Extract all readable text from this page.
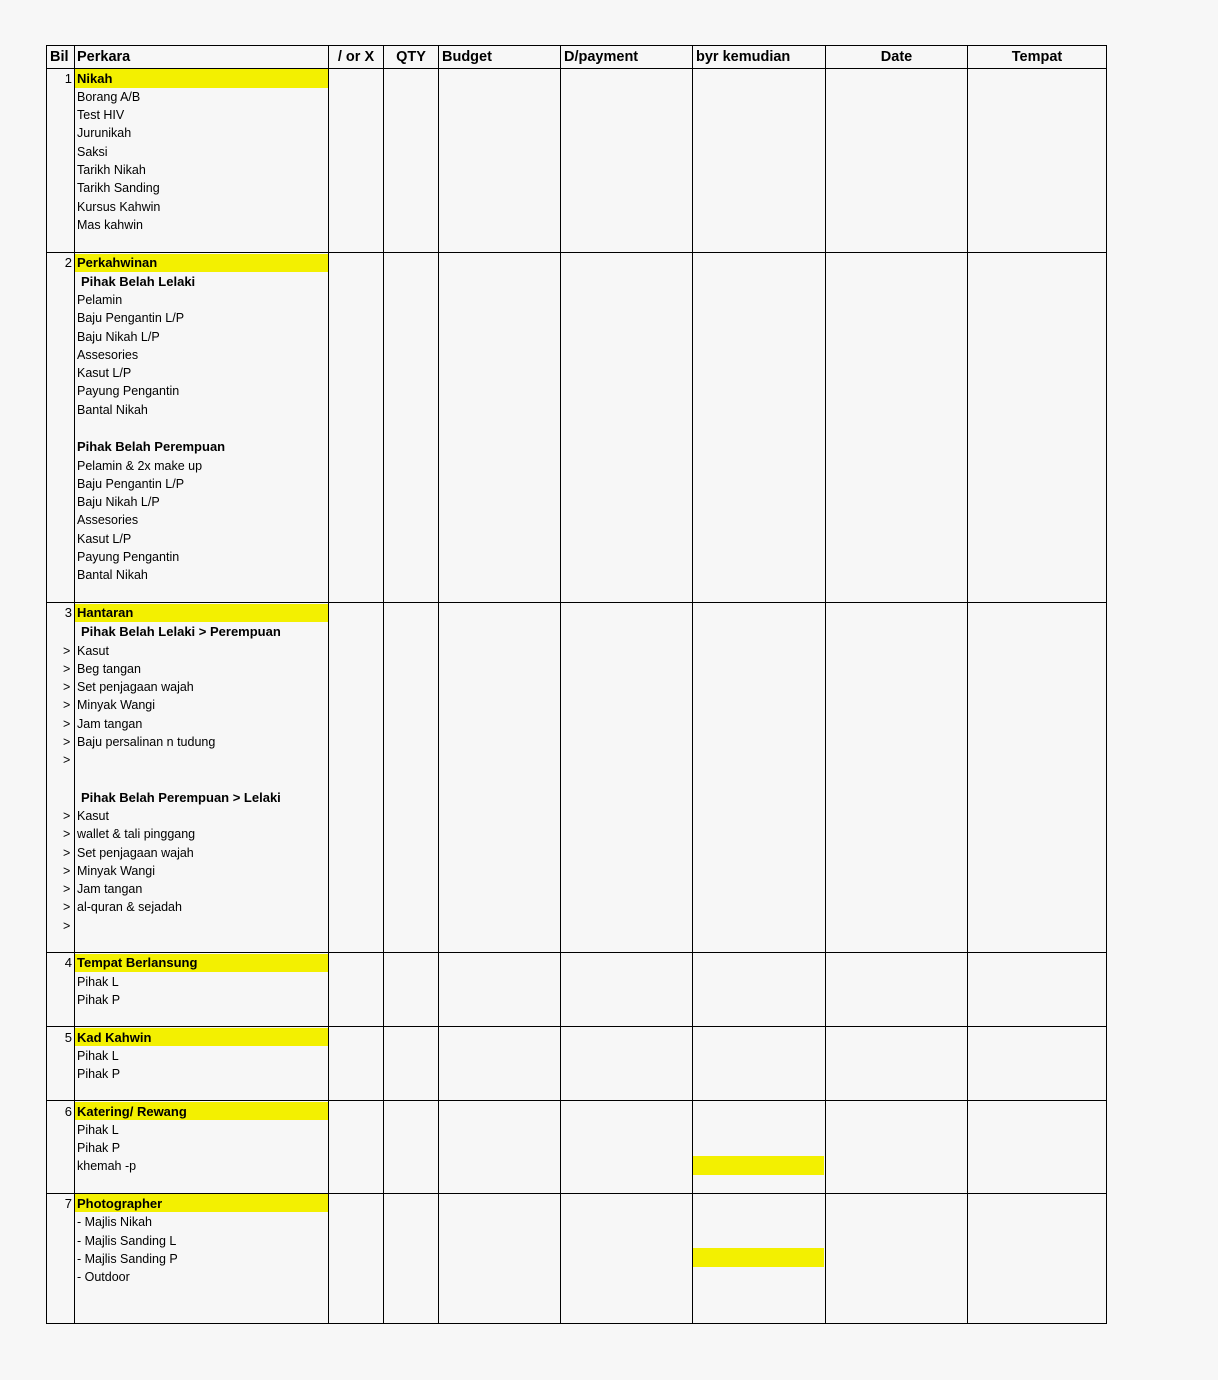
Bil Perkara	/ or X	QTY	Budget	D/payment	byr kemudian	Date	Tempat
1 Nikah
Borang A/B
Test HIV
Jurunikah
Saksi
Tarikh Nikah
Tarikh Sanding
Kursus Kahwin
Mas kahwin
2 Perkahwinan
Pihak Belah Lelaki
Pelamin
Baju Pengantin L/P
Baju Nikah L/P
Assesories
Kasut L/P
Payung Pengantin
Bantal Nikah
Pihak Belah Perempuan
Pelamin & 2x make up
Baju Pengantin L/P
Baju Nikah L/P
Assesories
Kasut L/P
Payung Pengantin
Bantal Nikah
3 Hantaran
Pihak Belah Lelaki > Perempuan
> Kasut
> Beg tangan
> Set penjagaan wajah
> Minyak Wangi
> Jam tangan
> Baju persalinan n tudung
>
Pihak Belah Perempuan > Lelaki
> Kasut
> wallet & tali pinggang
> Set penjagaan wajah
> Minyak Wangi
> Jam tangan
> al-quran & sejadah
>
4 Tempat Berlansung
Pihak L
Pihak P
5 Kad Kahwin
Pihak L
Pihak P
6 Katering/ Rewang
Pihak L
Pihak P
khemah -p
7 Photographer
- Majlis Nikah
- Majlis Sanding L
- Majlis Sanding P
- Outdoor
